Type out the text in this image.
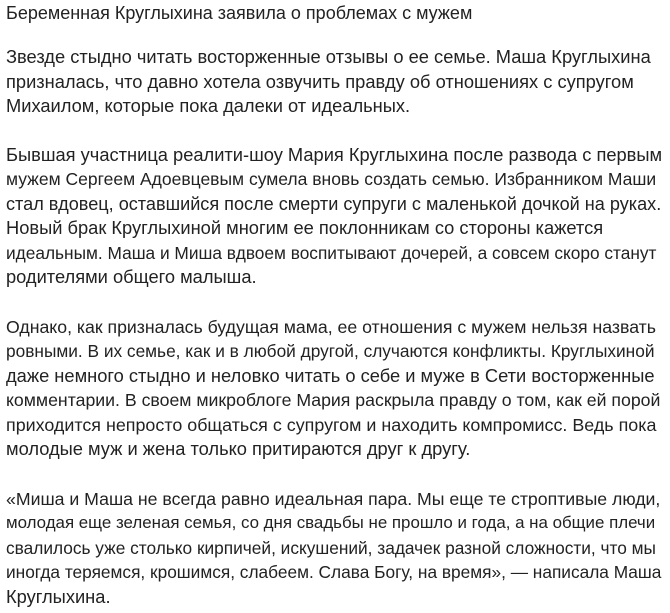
Беременная Круглыхина заявила о проблемах с мужем

Звезде стыдно читать восторженные отзывы о ее семье. Маша Круглыхина
призналась, что давно хотела озвучить правду об отношениях с супругом
Михаилом, которые пока далеки от идеальных.

Бывшая участница реалити-шоу Мария Круглыхина после развода с первым
мужем Сергеем Адоевцевым сумела вновь создать семью. Избранником Маши
стал вдовец, оставшийся после смерти супруги с маленькой дочкой на руках.
Новый брак Круглыхиной многим ее поклонникам со стороны кажется
идеальным. Маша и Миша вдвоем воспитывают дочерей, а совсем скоро станут
родителями общего малыша.

Однако, как призналась будущая мама, ее отношения с мужем нельзя назвать
ровными. В их семье, как и в любой другой, случаются конфликты. Круглыхиной
даже немного стыдно и неловко читать о себе и муже в Сети восторженные
комментарии. В своем микроблоге Мария раскрыла правду о том, как ей порой
приходится непросто общаться с супругом и находить компромисс. Ведь пока
молодые муж и жена только притираются друг к другу.

«Миша и Маша не всегда равно идеальная пара. Мы еще те строптивые люди,
молодая еще зеленая семья, со дня свадьбы не прошло и года, а на общие плечи
свалилось уже столько кирпичей, искушений, задачек разной сложности, что мы
иногда теряемся, крошимся, слабеем. Слава Богу, на время», — написала Маша
Круглыхина.
